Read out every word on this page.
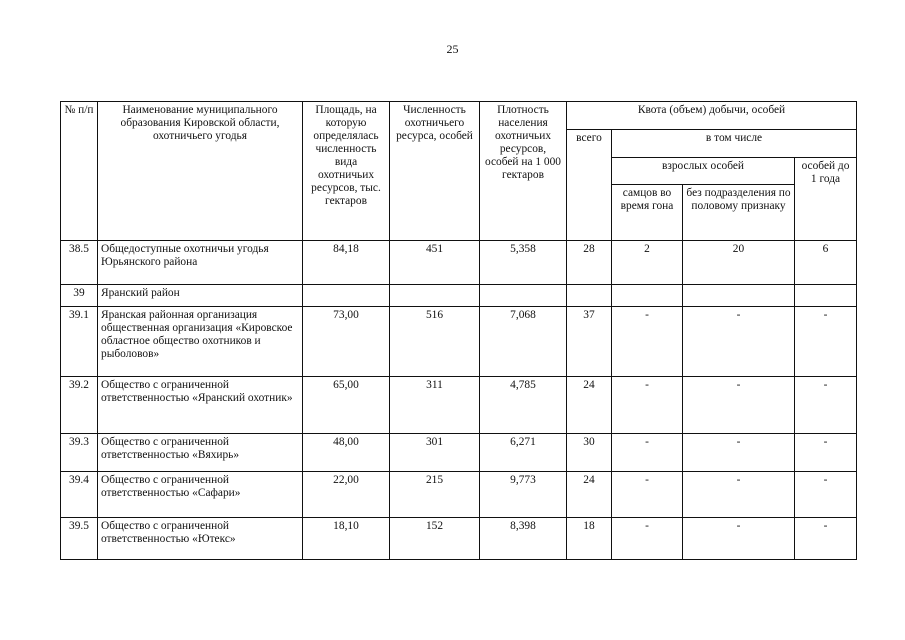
25
№ п/п	Наименование муниципального образования Кировской области, охотничьего угодья	Площадь, на которую определялась численность вида охотничьих ресурсов, тыс. гектаров	Численность охотничьего ресурса, особей	Плотность населения охотничьих ресурсов, особей на 1 000 гектаров	Квота (объем) добычи, особей			
					всего	в том числе		
						взрослых особей		особей до 1 года
						самцов во время гона	без подразделения по половому признаку	
38.5	Общедоступные охотничьи угодья Юрьянского района	84,18	451	5,358	28	2	20	6
39	Яранский район							
39.1	Яранская районная организация общественная организация «Кировское областное общество охотников и рыболовов»	73,00	516	7,068	37	-	-	-
39.2	Общество с ограниченной ответственностью «Яранский охотник»	65,00	311	4,785	24	-	-	-
39.3	Общество с ограниченной ответственностью «Вяхирь»	48,00	301	6,271	30	-	-	-
39.4	Общество с ограниченной ответственностью «Сафари»	22,00	215	9,773	24	-	-	-
39.5	Общество с ограниченной ответственностью «Ютекс»	18,10	152	8,398	18	-	-	-
